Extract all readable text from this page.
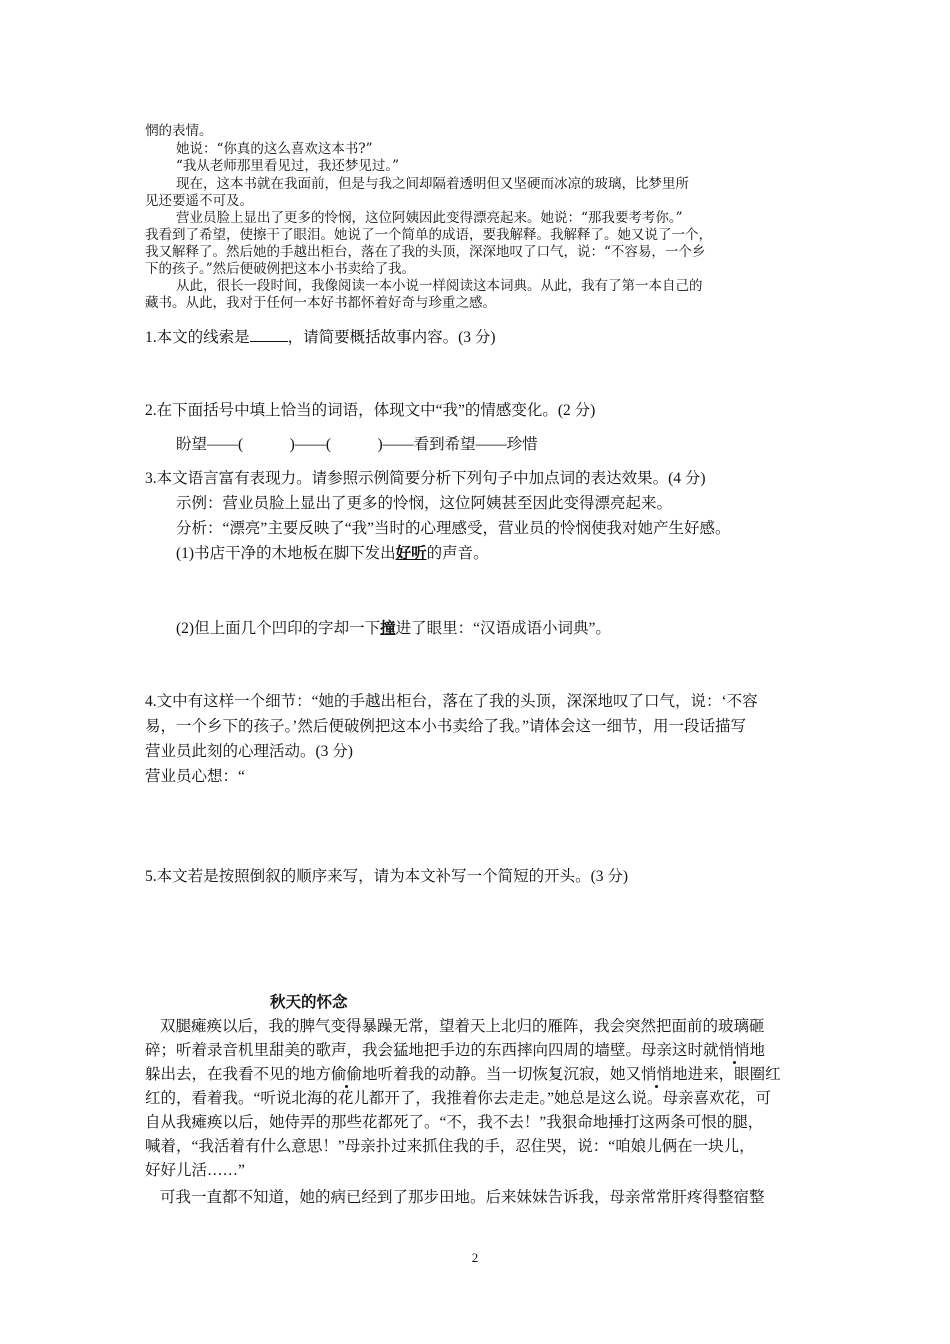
惘的表情。
她说：“你真的这么喜欢这本书?”
“我从老师那里看见过，我还梦见过。”
现在，这本书就在我面前，但是与我之间却隔着透明但又坚硬而冰凉的玻璃，比梦里所
见还要遥不可及。
营业员脸上显出了更多的怜悯，这位阿姨因此变得漂亮起来。她说：“那我要考考你。”
我看到了希望，使擦干了眼泪。她说了一个简单的成语，要我解释。我解释了。她又说了一个，
我又解释了。然后她的手越出柜台，落在了我的头顶，深深地叹了口气，说：“不容易，一个乡
下的孩子。”然后便破例把这本小书卖给了我。
从此，很长一段时间，我像阅读一本小说一样阅读这本词典。从此，我有了第一本自己的
藏书。从此，我对于任何一本好书都怀着好奇与珍重之感。
1.本文的线索是 ，请简要概括故事内容。(3 分)
2.在下面括号中填上恰当的词语，体现文中“我”的情感变化。(2 分)
盼望——(            )——(            )——看到希望——珍惜
3.本文语言富有表现力。请参照示例简要分析下列句子中加点词的表达效果。(4 分)
示例：营业员脸上显出了更多的怜悯，这位阿姨甚至因此变得漂亮起来。
分析：“漂亮”主要反映了“我”当时的心理感受，营业员的怜悯使我对她产生好感。
(1)书店干净的木地板在脚下发出好听的声音。
(2)但上面几个凹印的字却一下撞进了眼里：“汉语成语小词典”。
4.文中有这样一个细节：“她的手越出柜台，落在了我的头顶，深深地叹了口气，说：‘不容
易，一个乡下的孩子。’然后便破例把这本小书卖给了我。”请体会这一细节，用一段话描写
营业员此刻的心理活动。(3 分)
营业员心想：“
5.本文若是按照倒叙的顺序来写，请为本文补写一个简短的开头。(3 分)
秋天的怀念
双腿瘫痪以后，我的脾气变得暴躁无常，望着天上北归的雁阵，我会突然把面前的玻璃砸
碎；听着录音机里甜美的歌声，我会猛地把手边的东西摔向四周的墙壁。母亲这时就悄悄地
躲出去，在我看不见的地方偷偷地听着我的动静。当一切恢复沉寂，她又悄悄地进来，眼圈红
红的，看着我。“听说北海的花儿都开了，我推着你去走走。”她总是这么说。母亲喜欢花，可
自从我瘫痪以后，她侍弄的那些花都死了。“不，我不去！”我狠命地捶打这两条可恨的腿，
喊着，“我活着有什么意思！”母亲扑过来抓住我的手，忍住哭，说：“咱娘儿俩在一块儿，
好好儿活……”
可我一直都不知道，她的病已经到了那步田地。后来妹妹告诉我，母亲常常肝疼得整宿整
2
